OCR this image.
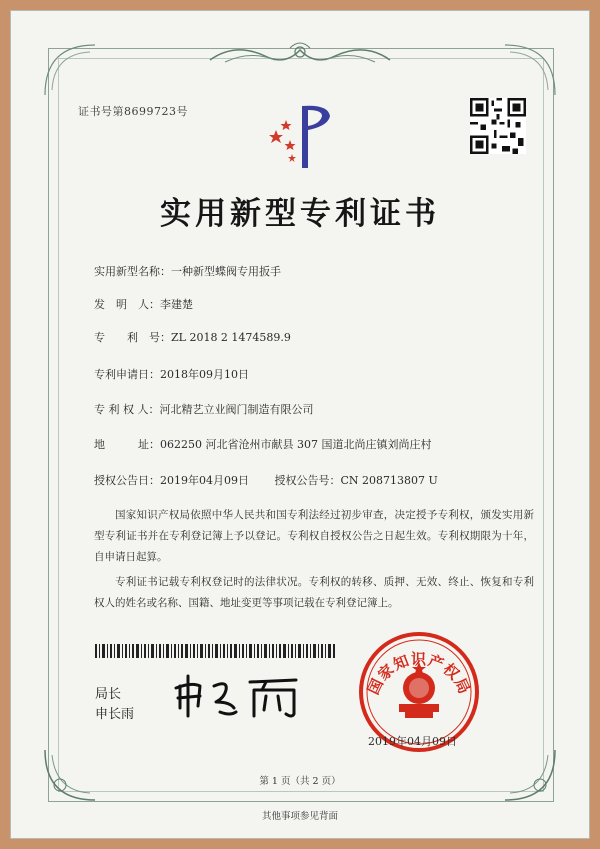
证书号第8699723号
实用新型专利证书
实用新型名称：一种新型蝶阀专用扳手
发　明　人：李建楚
专　　利　号：ZL 2018 2 1474589.9
专利申请日：2018年09月10日
专 利 权 人：河北精艺立业阀门制造有限公司
地　　　址：062250 河北省沧州市献县 307 国道北尚庄镇刘尚庄村
授权公告日：2019年04月09日 授权公告号：CN 208713807 U
国家知识产权局依照中华人民共和国专利法经过初步审查，决定授予专利权，颁发实用新型专利证书并在专利登记簿上予以登记。专利权自授权公告之日起生效。专利权期限为十年，自申请日起算。
专利证书记载专利权登记时的法律状况。专利权的转移、质押、无效、终止、恢复和专利权人的姓名或名称、国籍、地址变更等事项记载在专利登记簿上。
局长
申长雨
国家知识产权局
2019年04月09日
第 1 页（共 2 页）
其他事项参见背面
